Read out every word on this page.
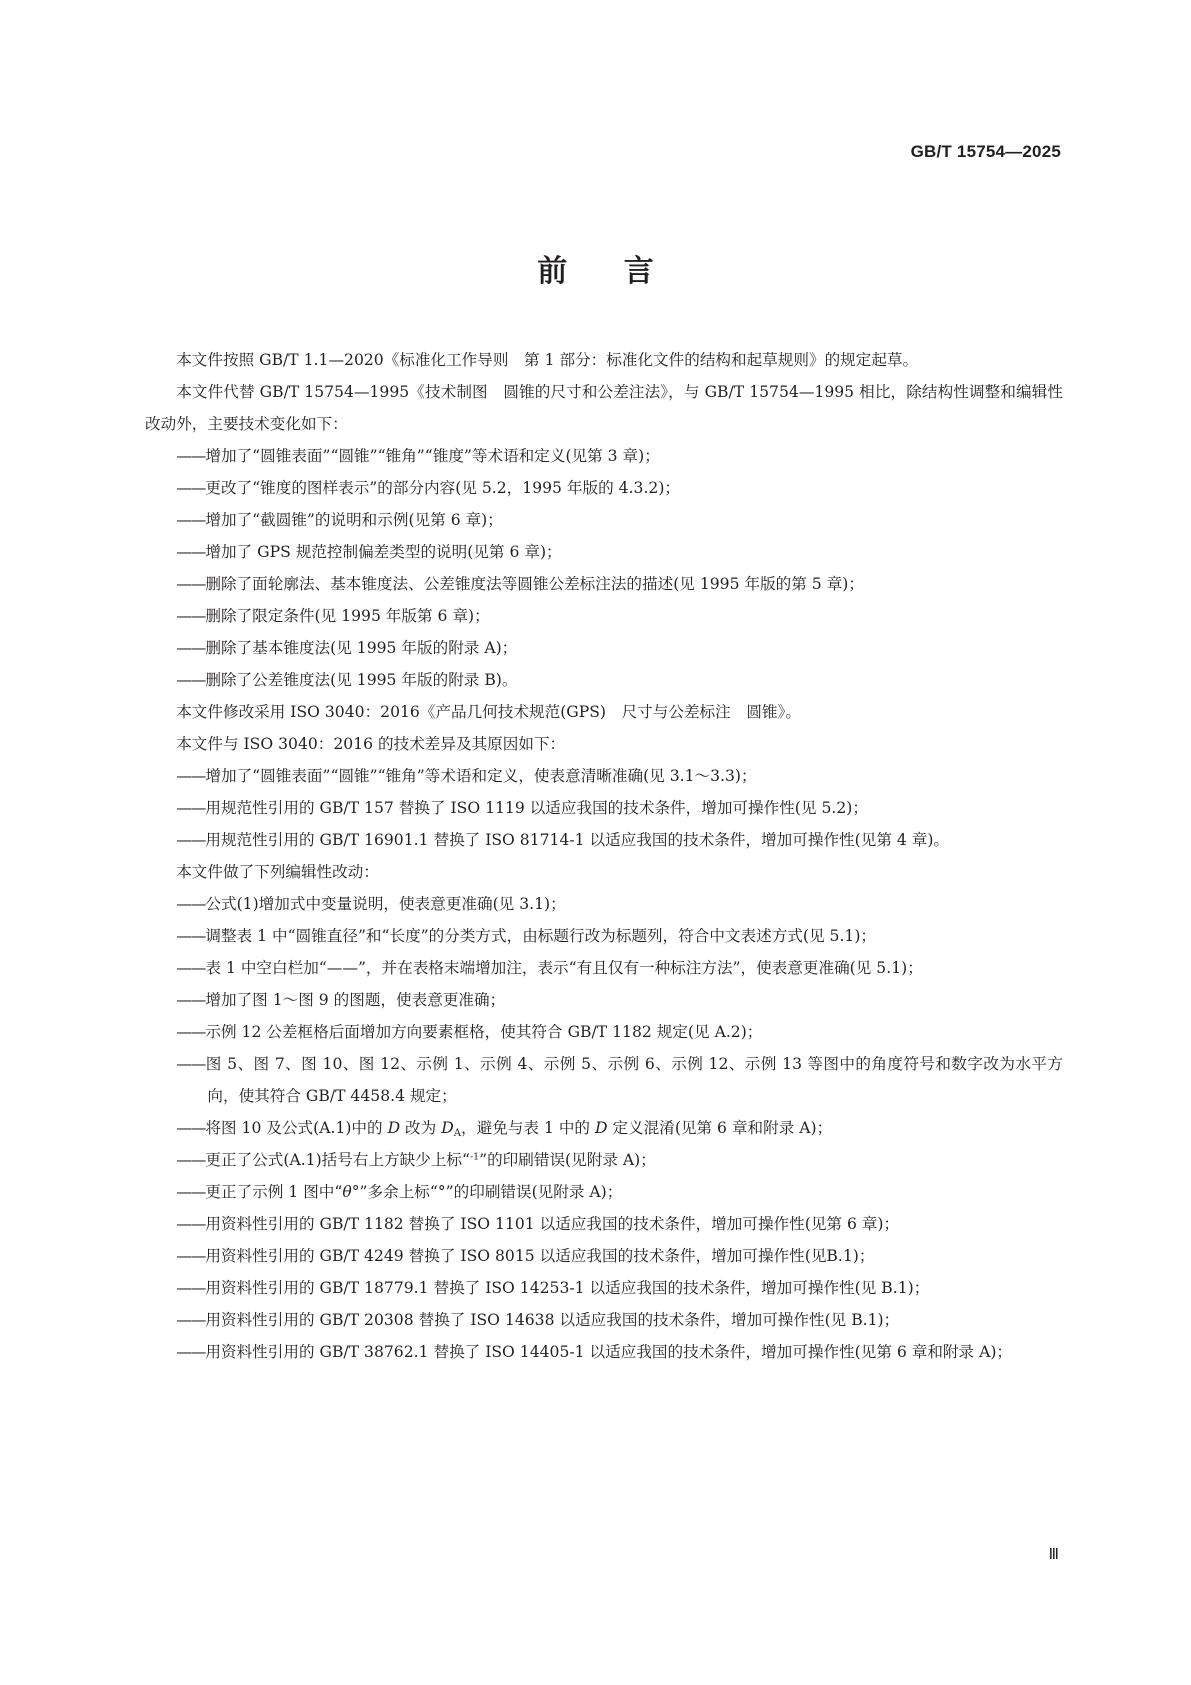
GB/T 15754—2025
前 言

本文件按照 GB/T 1.1—2020《标准化工作导则　第 1 部分：标准化文件的结构和起草规则》的规定起草。

本文件代替 GB/T 15754—1995《技术制图　圆锥的尺寸和公差注法》，与 GB/T 15754—1995 相比，除结构性调整和编辑性改动外，主要技术变化如下：

——增加了“圆锥表面”“圆锥”“锥角”“锥度”等术语和定义(见第 3 章)；

——更改了“锥度的图样表示”的部分内容(见 5.2，1995 年版的 4.3.2)；

——增加了“截圆锥”的说明和示例(见第 6 章)；

——增加了 GPS 规范控制偏差类型的说明(见第 6 章)；

——删除了面轮廓法、基本锥度法、公差锥度法等圆锥公差标注法的描述(见 1995 年版的第 5 章)；

——删除了限定条件(见 1995 年版第 6 章)；

——删除了基本锥度法(见 1995 年版的附录 A)；

——删除了公差锥度法(见 1995 年版的附录 B)。

本文件修改采用 ISO 3040：2016《产品几何技术规范(GPS)　尺寸与公差标注　圆锥》。

本文件与 ISO 3040：2016 的技术差异及其原因如下：

——增加了“圆锥表面”“圆锥”“锥角”等术语和定义，使表意清晰准确(见 3.1～3.3)；

——用规范性引用的 GB/T 157 替换了 ISO 1119 以适应我国的技术条件，增加可操作性(见 5.2)；

——用规范性引用的 GB/T 16901.1 替换了 ISO 81714-1 以适应我国的技术条件，增加可操作性(见第 4 章)。

本文件做了下列编辑性改动：

——公式(1)增加式中变量说明，使表意更准确(见 3.1)；

——调整表 1 中“圆锥直径”和“长度”的分类方式，由标题行改为标题列，符合中文表述方式(见 5.1)；

——表 1 中空白栏加“——”，并在表格末端增加注，表示“有且仅有一种标注方法”，使表意更准确(见 5.1)；

——增加了图 1～图 9 的图题，使表意更准确；

——示例 12 公差框格后面增加方向要素框格，使其符合 GB/T 1182 规定(见 A.2)；

——图 5、图 7、图 10、图 12、示例 1、示例 4、示例 5、示例 6、示例 12、示例 13 等图中的角度符号和数字改为水平方向，使其符合 GB/T 4458.4 规定；

——将图 10 及公式(A.1)中的 D 改为 $D_A$，避免与表 1 中的 D 定义混淆(见第 6 章和附录 A)；

——更正了公式(A.1)括号右上方缺少上标“$^{-1}$”的印刷错误(见附录 A)；

——更正了示例 1 图中“θ°”多余上标“°”的印刷错误(见附录 A)；

——用资料性引用的 GB/T 1182 替换了 ISO 1101 以适应我国的技术条件，增加可操作性(见第 6 章)；

——用资料性引用的 GB/T 4249 替换了 ISO 8015 以适应我国的技术条件，增加可操作性(见B.1)；

——用资料性引用的 GB/T 18779.1 替换了 ISO 14253-1 以适应我国的技术条件，增加可操作性(见 B.1)；

——用资料性引用的 GB/T 20308 替换了 ISO 14638 以适应我国的技术条件，增加可操作性(见 B.1)；

——用资料性引用的 GB/T 38762.1 替换了 ISO 14405-1 以适应我国的技术条件，增加可操作性(见第 6 章和附录 A)；

Ⅲ
